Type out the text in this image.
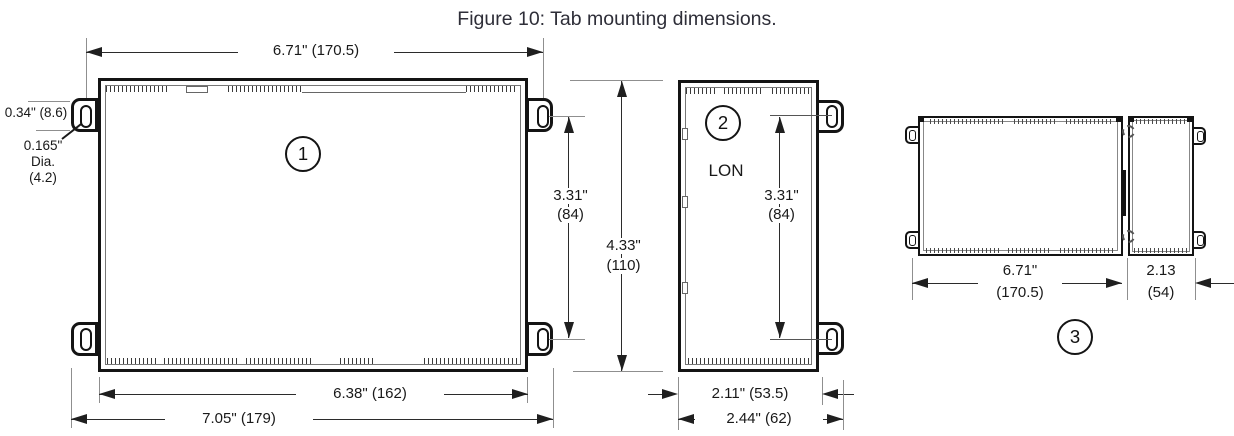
Figure 10: Tab mounting dimensions.
1
6.71" (170.5)
0.34" (8.6)
0.165"
Dia.
(4.2)
6.38" (162)
7.05" (179)
3.31"
(84)
4.33"
(110)
2
LON
3.31"
(84)
2.11" (53.5)
2.44" (62)
6.71"
(170.5)
2.13
(54)
3
